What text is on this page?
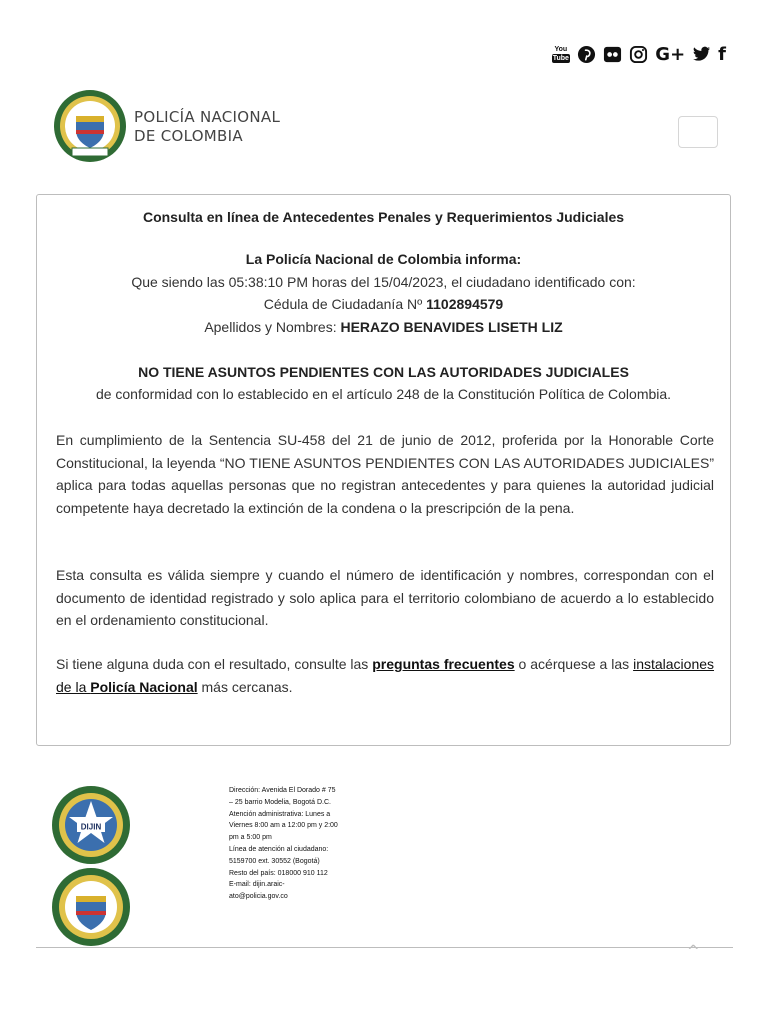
You
Tube	G+ f
POLICÍA NACIONAL
DE COLOMBIA
Consulta en línea de Antecedentes Penales y Requerimientos Judiciales
La Policía Nacional de Colombia informa:
Que siendo las 05:38:10 PM horas del 15/04/2023, el ciudadano identificado con:
Cédula de Ciudadanía Nº 1102894579
Apellidos y Nombres: HERAZO BENAVIDES LISETH LIZ
NO TIENE ASUNTOS PENDIENTES CON LAS AUTORIDADES JUDICIALES
de conformidad con lo establecido en el artículo 248 de la Constitución Política de Colombia.
En cumplimiento de la Sentencia SU-458 del 21 de junio de 2012, proferida por la Honorable Corte Constitucional, la leyenda “NO TIENE ASUNTOS PENDIENTES CON LAS AUTORIDADES JUDICIALES” aplica para todas aquellas personas que no registran antecedentes y para quienes la autoridad judicial competente haya decretado la extinción de la condena o la prescripción de la pena.
Esta consulta es válida siempre y cuando el número de identificación y nombres, correspondan con el documento de identidad registrado y solo aplica para el territorio colombiano de acuerdo a lo establecido en el ordenamiento constitucional.
Si tiene alguna duda con el resultado, consulte las preguntas frecuentes o acérquese a las instalaciones de la Policía Nacional más cercanas.
DIJIN
Dirección: Avenida El Dorado # 75
– 25 barrio Modelia, Bogotá D.C.
Atención administrativa: Lunes a
Viernes 8:00 am a 12:00 pm y 2:00
pm a 5:00 pm
Línea de atención al ciudadano:
5159700 ext. 30552 (Bogotá)
Resto del país: 018000 910 112
E-mail: dijin.araic-
ato@policia.gov.co
^
